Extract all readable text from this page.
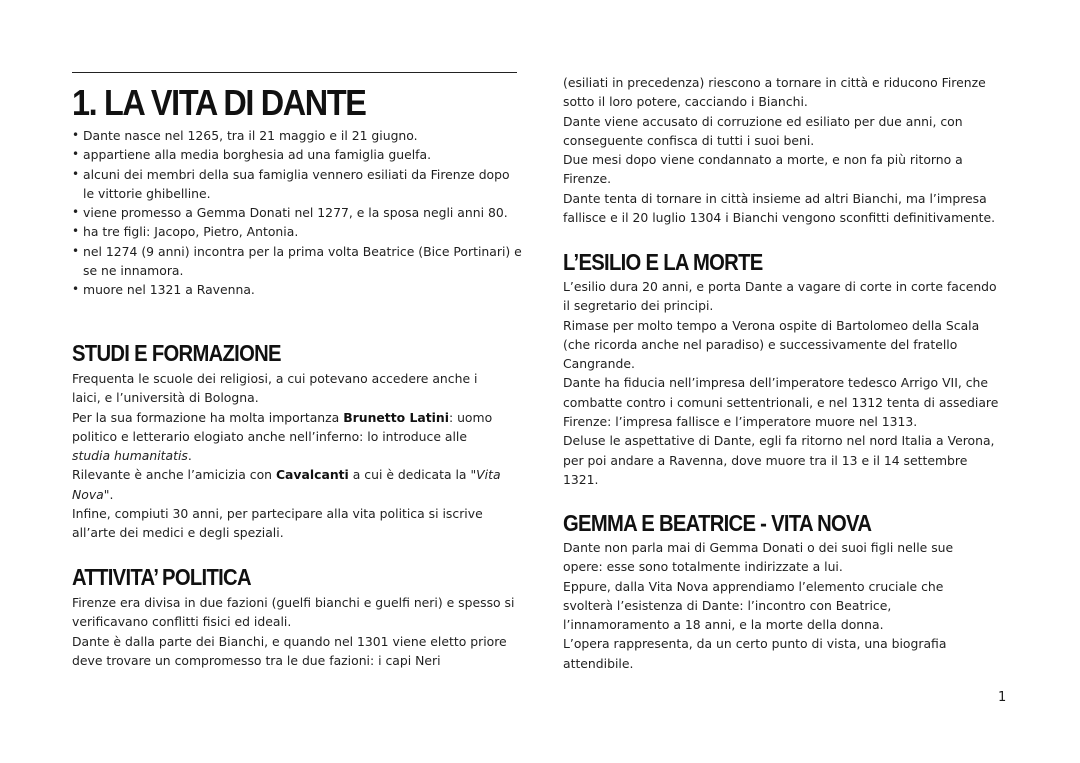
1. LA VITA DI DANTE
• Dante nasce nel 1265, tra il 21 maggio e il 21 giugno.
• appartiene alla media borghesia ad una famiglia guelfa.
• alcuni dei membri della sua famiglia vennero esiliati da Firenze dopo le vittorie ghibelline.
• viene promesso a Gemma Donati nel 1277, e la sposa negli anni 80.
• ha tre figli: Jacopo, Pietro, Antonia.
• nel 1274 (9 anni) incontra per la prima volta Beatrice (Bice Portinari) e se ne innamora.
• muore nel 1321 a Ravenna.
STUDI E FORMAZIONE

Frequenta le scuole dei religiosi, a cui potevano accedere anche i laici, e l’università di Bologna.

Per la sua formazione ha molta importanza Brunetto Latini: uomo politico e letterario elogiato anche nell’inferno: lo introduce alle studia humanitatis.

Rilevante è anche l’amicizia con Cavalcanti a cui è dedicata la "Vita Nova".

Infine, compiuti 30 anni, per partecipare alla vita politica si iscrive all’arte dei medici e degli speziali.

ATTIVITA’ POLITICA

Firenze era divisa in due fazioni (guelfi bianchi e guelfi neri) e spesso si verificavano conflitti fisici ed ideali.

Dante è dalla parte dei Bianchi, e quando nel 1301 viene eletto priore deve trovare un compromesso tra le due fazioni: i capi Neri

(esiliati in precedenza) riescono a tornare in città e riducono Firenze sotto il loro potere, cacciando i Bianchi.

Dante viene accusato di corruzione ed esiliato per due anni, con conseguente confisca di tutti i suoi beni.

Due mesi dopo viene condannato a morte, e non fa più ritorno a Firenze.

Dante tenta di tornare in città insieme ad altri Bianchi, ma l’impresa fallisce e il 20 luglio 1304 i Bianchi vengono sconfitti definitivamente.

L’ESILIO E LA MORTE

L’esilio dura 20 anni, e porta Dante a vagare di corte in corte facendo il segretario dei principi.

Rimase per molto tempo a Verona ospite di Bartolomeo della Scala (che ricorda anche nel paradiso) e successivamente del fratello Cangrande.

Dante ha fiducia nell’impresa dell’imperatore tedesco Arrigo VII, che combatte contro i comuni settentrionali, e nel 1312 tenta di assediare Firenze: l’impresa fallisce e l’imperatore muore nel 1313.

Deluse le aspettative di Dante, egli fa ritorno nel nord Italia a Verona, per poi andare a Ravenna, dove muore tra il 13 e il 14 settembre 1321.

GEMMA E BEATRICE - VITA NOVA

Dante non parla mai di Gemma Donati o dei suoi figli nelle sue opere: esse sono totalmente indirizzate a lui.

Eppure, dalla Vita Nova apprendiamo l’elemento cruciale che svolterà l’esistenza di Dante: l’incontro con Beatrice, l’innamoramento a 18 anni, e la morte della donna.

L’opera rappresenta, da un certo punto di vista, una biografia attendibile.

1
